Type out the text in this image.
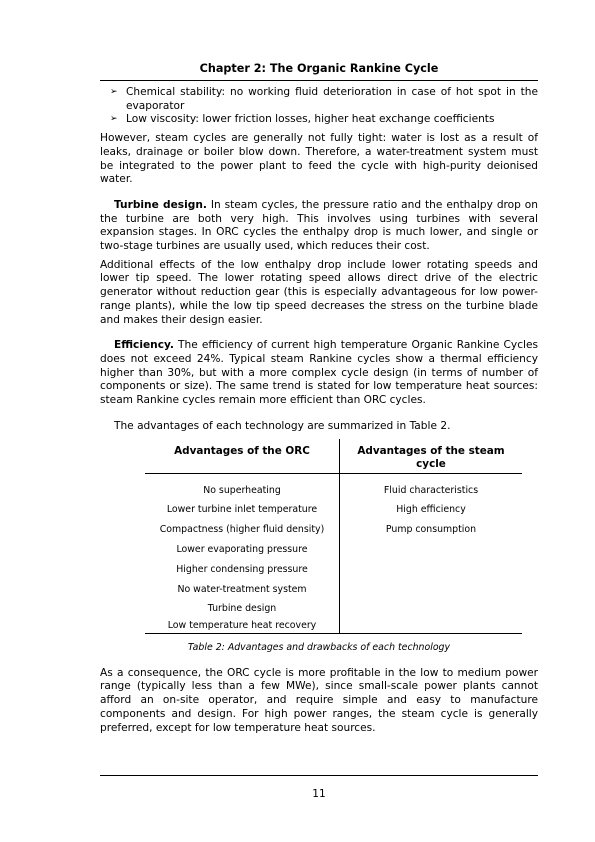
Chapter 2: The Organic Rankine Cycle
➢ Chemical stability: no working fluid deterioration in case of hot spot in the evaporator
➢ Low viscosity: lower friction losses, higher heat exchange coefficients

However, steam cycles are generally not fully tight: water is lost as a result of leaks, drainage or boiler blow down. Therefore, a water-treatment system must be integrated to the power plant to feed the cycle with high-purity deionised water.

Turbine design. In steam cycles, the pressure ratio and the enthalpy drop on the turbine are both very high. This involves using turbines with several expansion stages. In ORC cycles the enthalpy drop is much lower, and single or two-stage turbines are usually used, which reduces their cost.

Additional effects of the low enthalpy drop include lower rotating speeds and lower tip speed. The lower rotating speed allows direct drive of the electric generator without reduction gear (this is especially advantageous for low power-range plants), while the low tip speed decreases the stress on the turbine blade and makes their design easier.

Efficiency. The efficiency of current high temperature Organic Rankine Cycles does not exceed 24%. Typical steam Rankine cycles show a thermal efficiency higher than 30%, but with a more complex cycle design (in terms of number of components or size). The same trend is stated for low temperature heat sources: steam Rankine cycles remain more efficient than ORC cycles.

The advantages of each technology are summarized in Table 2.

Advantages of the ORC	Advantages of the steam cycle
No superheating	Fluid characteristics
Lower turbine inlet temperature	High efficiency
Compactness (higher fluid density)	Pump consumption
Lower evaporating pressure	
Higher condensing pressure	
No water-treatment system	
Turbine design	
Low temperature heat recovery	
Table 2: Advantages and drawbacks of each technology

As a consequence, the ORC cycle is more profitable in the low to medium power range (typically less than a few MWe), since small-scale power plants cannot afford an on-site operator, and require simple and easy to manufacture components and design. For high power ranges, the steam cycle is generally preferred, except for low temperature heat sources.

11
